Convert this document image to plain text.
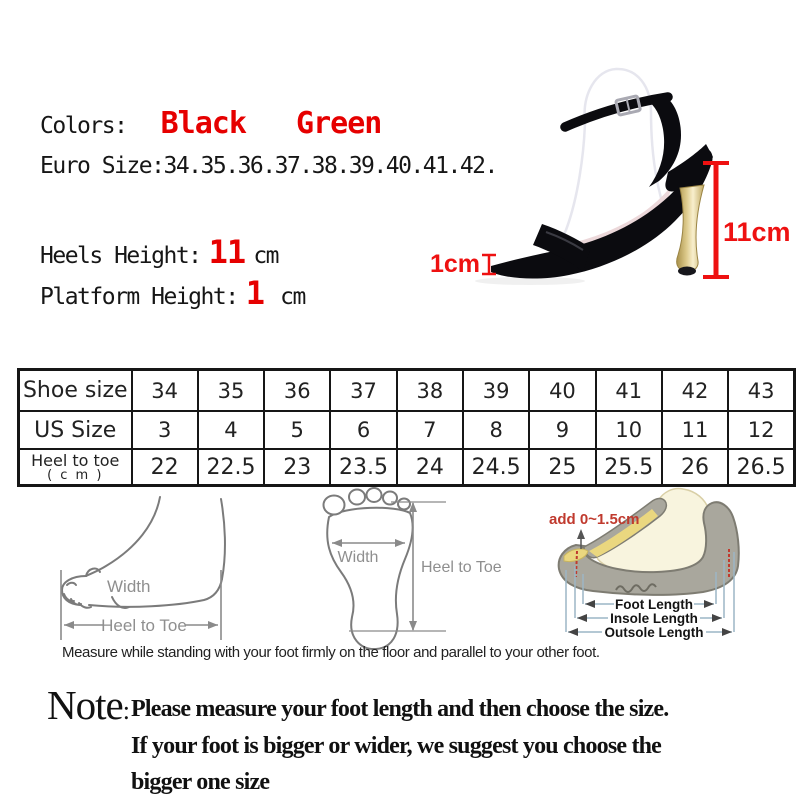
Colors: Black Green
Euro Size:34.35.36.37.38.39.40.41.42.
Heels Height: 11 cm
Platform Height: 1 cm
11cm
1cm
Shoe size	34	35	36	37	38	39	40	41	42	43
US Size	3	4	5	6	7	8	9	10	11	12

Heel to toe
( c m )	22	22.5	23	23.5	24	24.5	25	25.5	26	26.5
Width
Heel to Toe
Width
Heel to Toe
add 0~1.5cm
Foot Length
Insole Length
Outsole Length
Measure while standing with your foot firmly on the floor and parallel to your other foot.
Note: Please measure your foot length and then choose the size.
If your foot is bigger or wider, we suggest you choose the
bigger one size
